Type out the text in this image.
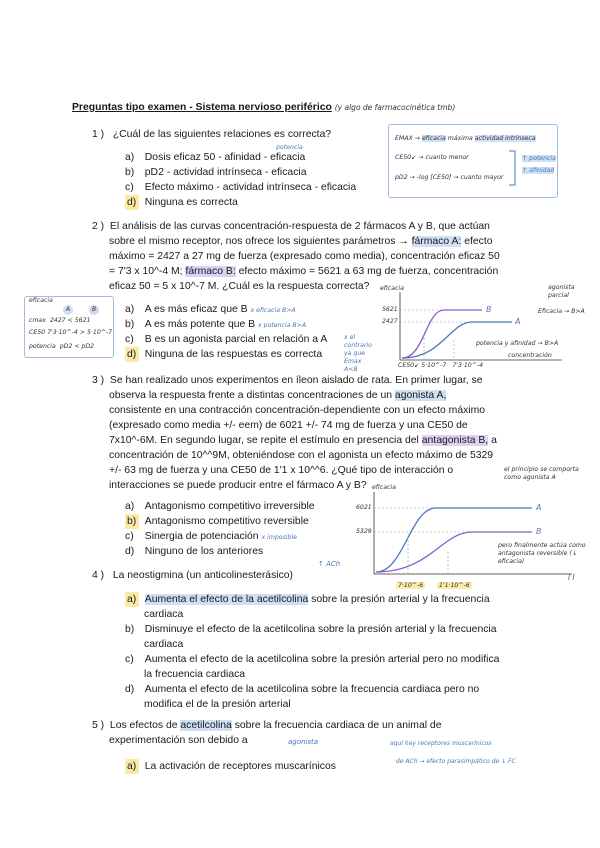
Preguntas tipo examen - Sistema nervioso periférico (y algo de farmacocinética tmb)
1 ) ¿Cuál de las siguientes relaciones es correcta?
potencia
a) Dosis eficaz 50 - afinidad - eficacia
b) pD2 - actividad intrínseca - eficacia
c) Efecto máximo - actividad intrínseca - eficacia
d) Ninguna es correcta
EMAX → eficacia máxima actividad intrínseca
CE50↙ → cuanto menor
pD2 → -log [CE50] → cuanto mayor
↑ potencia
↑ afinidad
2 ) El análisis de las curvas concentración-respuesta de 2 fármacos A y B, que actúan
sobre el mismo receptor, nos ofrece los siguientes parámetros → fármaco A: efecto
máximo = 2427 a 27 mg de fuerza (expresado como media), concentración eficaz 50
= 7'3 x 10^-4 M; fármaco B: efecto máximo = 5621 a 63 mg de fuerza, concentración
eficaz 50 = 5 x 10^-7 M. ¿Cuál es la respuesta correcta?
a) A es más eficaz que B x eficacia B>A
b) A es más potente que B x potencia B>A
c) B es un agonista parcial en relación a A
d) Ninguna de las respuestas es correcta
x el contrario ya que Emax A<B
eficacia
A	B
cmax 2427 < 5621
CE50 7'3·10^-4 > 5·10^-7
potencia pD2 < pD2
eficacia
5621
2427
B
A
agonista parcial
Eficacia → B>A
potencia y afinidad → B>A
concentración
CE50↙ 5·10^-7 7'3·10^-4
3 ) Se han realizado unos experimentos en íleon aislado de rata. En primer lugar, se
observa la respuesta frente a distintas concentraciones de un agonista A,
consistente en una contracción concentración-dependiente con un efecto máximo
(expresado como media +/- eem) de 6021 +/- 74 mg de fuerza y una CE50 de
7x10^-6M. En segundo lugar, se repite el estímulo en presencia del antagonista B, a
concentración de 10^^9M, obteniéndose con el agonista un efecto máximo de 5329
+/- 63 mg de fuerza y una CE50 de 1'1 x 10^^6. ¿Qué tipo de interacción o
interacciones se puede producir entre el fármaco A y B?
a) Antagonismo competitivo irreversible
b) Antagonismo competitivo reversible
c) Sinergia de potenciación x imposible
d) Ninguno de los anteriores
eficacia
6021
5329
A
B
el principio se comporta como agonista A
pero finalmente actúa como antagonista reversible (↓ eficacia)
7·10^-6	1'1·10^-6
[ ]
4 ) La neostigmina (un anticolinesterásico)
↑ ACh
a) Aumenta el efecto de la acetilcolina sobre la presión arterial y la frecuencia
cardiaca
b) Disminuye el efecto de la acetilcolina sobre la presión arterial y la frecuencia
cardiaca
c) Aumenta el efecto de la acetilcolina sobre la presión arterial pero no modifica
la frecuencia cardiaca
d) Aumenta el efecto de la acetilcolina sobre la frecuencia cardiaca pero no
modifica el de la presión arterial
5 ) Los efectos de acetilcolina sobre la frecuencia cardiaca de un animal de
experimentación son debido a	agonista	aquí hay receptores muscarínicos
de ACh → efecto parasimpático de ↓ FC
a) La activación de receptores muscarínicos
